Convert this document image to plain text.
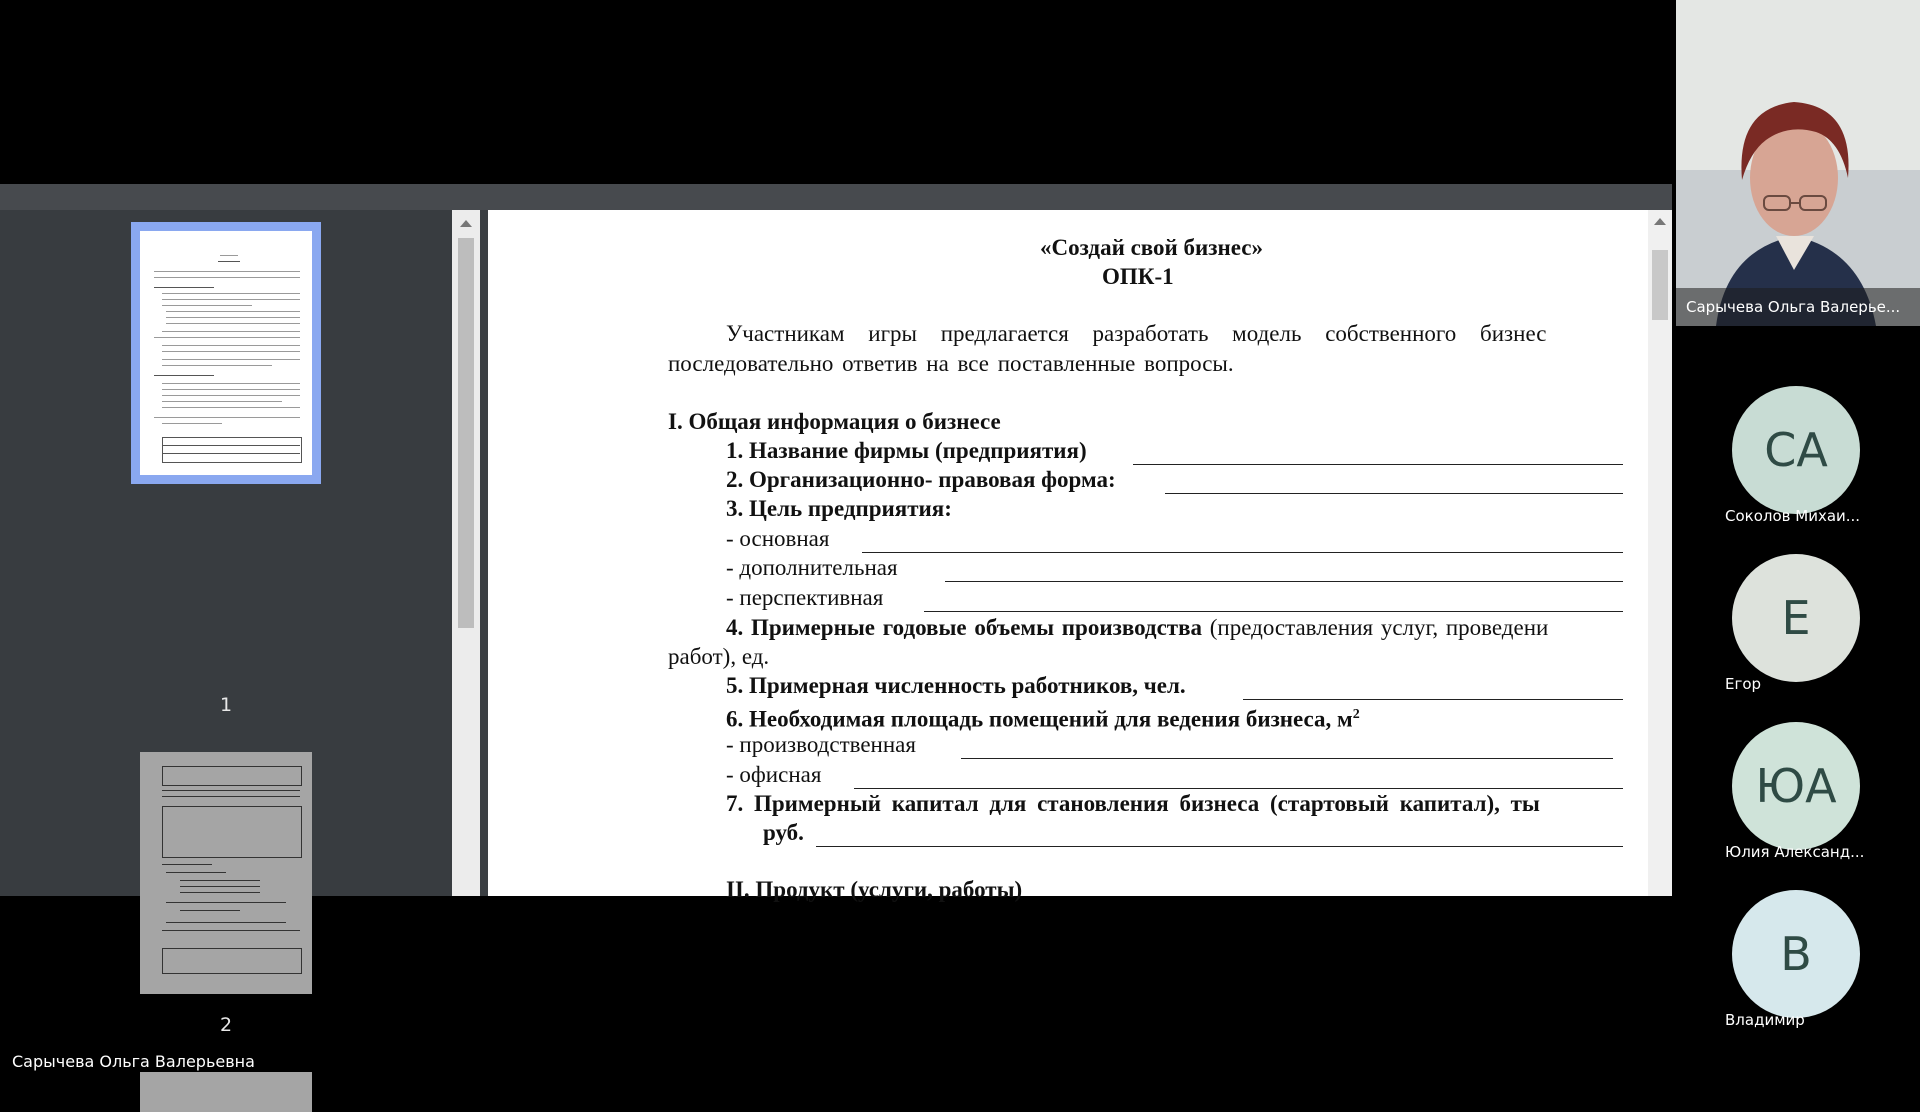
1
2
«Создай свой бизнес»
ОПК-1
Участникам игры предлагается разработать модель собственного бизнес
последовательно ответив на все поставленные вопросы.
I. Общая информация о бизнесе
1. Название фирмы (предприятия)
2. Организационно- правовая форма:
3. Цель предприятия:
- основная
- дополнительная
- перспективная
4. Примерные годовые объемы производства (предоставления услуг, проведени
работ), ед.
5. Примерная численность работников, чел.
6. Необходимая площадь помещений для ведения бизнеса, $м^2$
- производственная
- офисная
7. Примерный капитал для становления бизнеса (стартовый капитал), ты
руб.
II. Продукт (услуги, работы)
Сарычева Ольга Валерье...
СА
Соколов Михаи...
Е
Егор
ЮА
Юлия Александ...
В
Владимир
Сарычева Ольга Валерьевна
